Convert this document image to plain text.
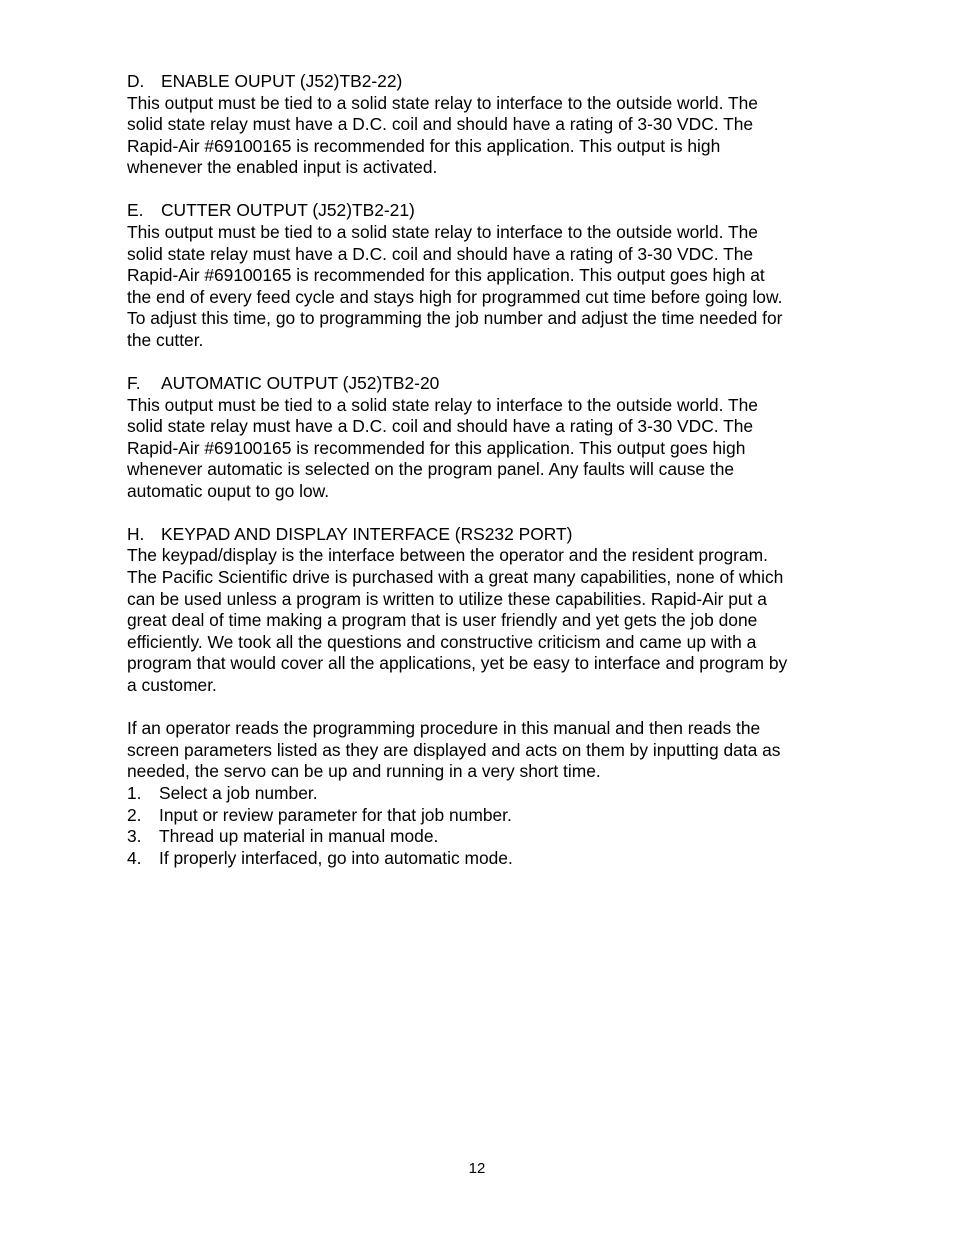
D. ENABLE OUPUT (J52)TB2-22)
This output must be tied to a solid state relay to interface to the outside world. The
solid state relay must have a D.C. coil and should have a rating of 3-30 VDC. The
Rapid-Air #69100165 is recommended for this application. This output is high
whenever the enabled input is activated.
E.	CUTTER OUTPUT (J52)TB2-21)
This output must be tied to a solid state relay to interface to the outside world. The
solid state relay must have a D.C. coil and should have a rating of 3-30 VDC. The
Rapid-Air #69100165 is recommended for this application. This output goes high at
the end of every feed cycle and stays high for programmed cut time before going low.
To adjust this time, go to programming the job number and adjust the time needed for
the cutter.
F.	AUTOMATIC OUTPUT (J52)TB2-20
This output must be tied to a solid state relay to interface to the outside world. The
solid state relay must have a D.C. coil and should have a rating of 3-30 VDC. The
Rapid-Air #69100165 is recommended for this application. This output goes high
whenever automatic is selected on the program panel. Any faults will cause the
automatic ouput to go low.
H. KEYPAD AND DISPLAY INTERFACE (RS232 PORT)
The keypad/display is the interface between the operator and the resident program.
The Pacific Scientific drive is purchased with a great many capabilities, none of which
can be used unless a program is written to utilize these capabilities. Rapid-Air put a
great deal of time making a program that is user friendly and yet gets the job done
efficiently. We took all the questions and constructive criticism and came up with a
program that would cover all the applications, yet be easy to interface and program by
a customer.
If an operator reads the programming procedure in this manual and then reads the
screen parameters listed as they are displayed and acts on them by inputting data as
needed, the servo can be up and running in a very short time.
1.	Select a job number.
2.	Input or review parameter for that job number.
3.	Thread up material in manual mode.
4.	If properly interfaced, go into automatic mode.
12
